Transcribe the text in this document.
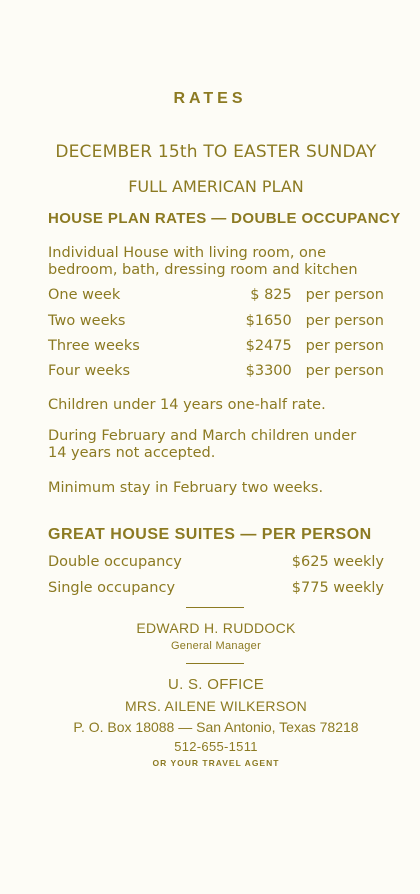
RATES
DECEMBER 15th TO EASTER SUNDAY
FULL AMERICAN PLAN
HOUSE PLAN RATES — DOUBLE OCCUPANCY
Individual House with living room, one
bedroom, bath, dressing room and kitchen
One week	$ 825 per person
Two weeks	$1650 per person
Three weeks	$2475 per person
Four weeks	$3300 per person
Children under 14 years one-half rate.
During February and March children under
14 years not accepted.
Minimum stay in February two weeks.
GREAT HOUSE SUITES — PER PERSON
Double occupancy	$625 weekly
Single occupancy	$775 weekly
EDWARD H. RUDDOCK
General Manager
U. S. OFFICE
MRS. AILENE WILKERSON
P. O. Box 18088 — San Antonio, Texas 78218
512-655-1511
OR YOUR TRAVEL AGENT
